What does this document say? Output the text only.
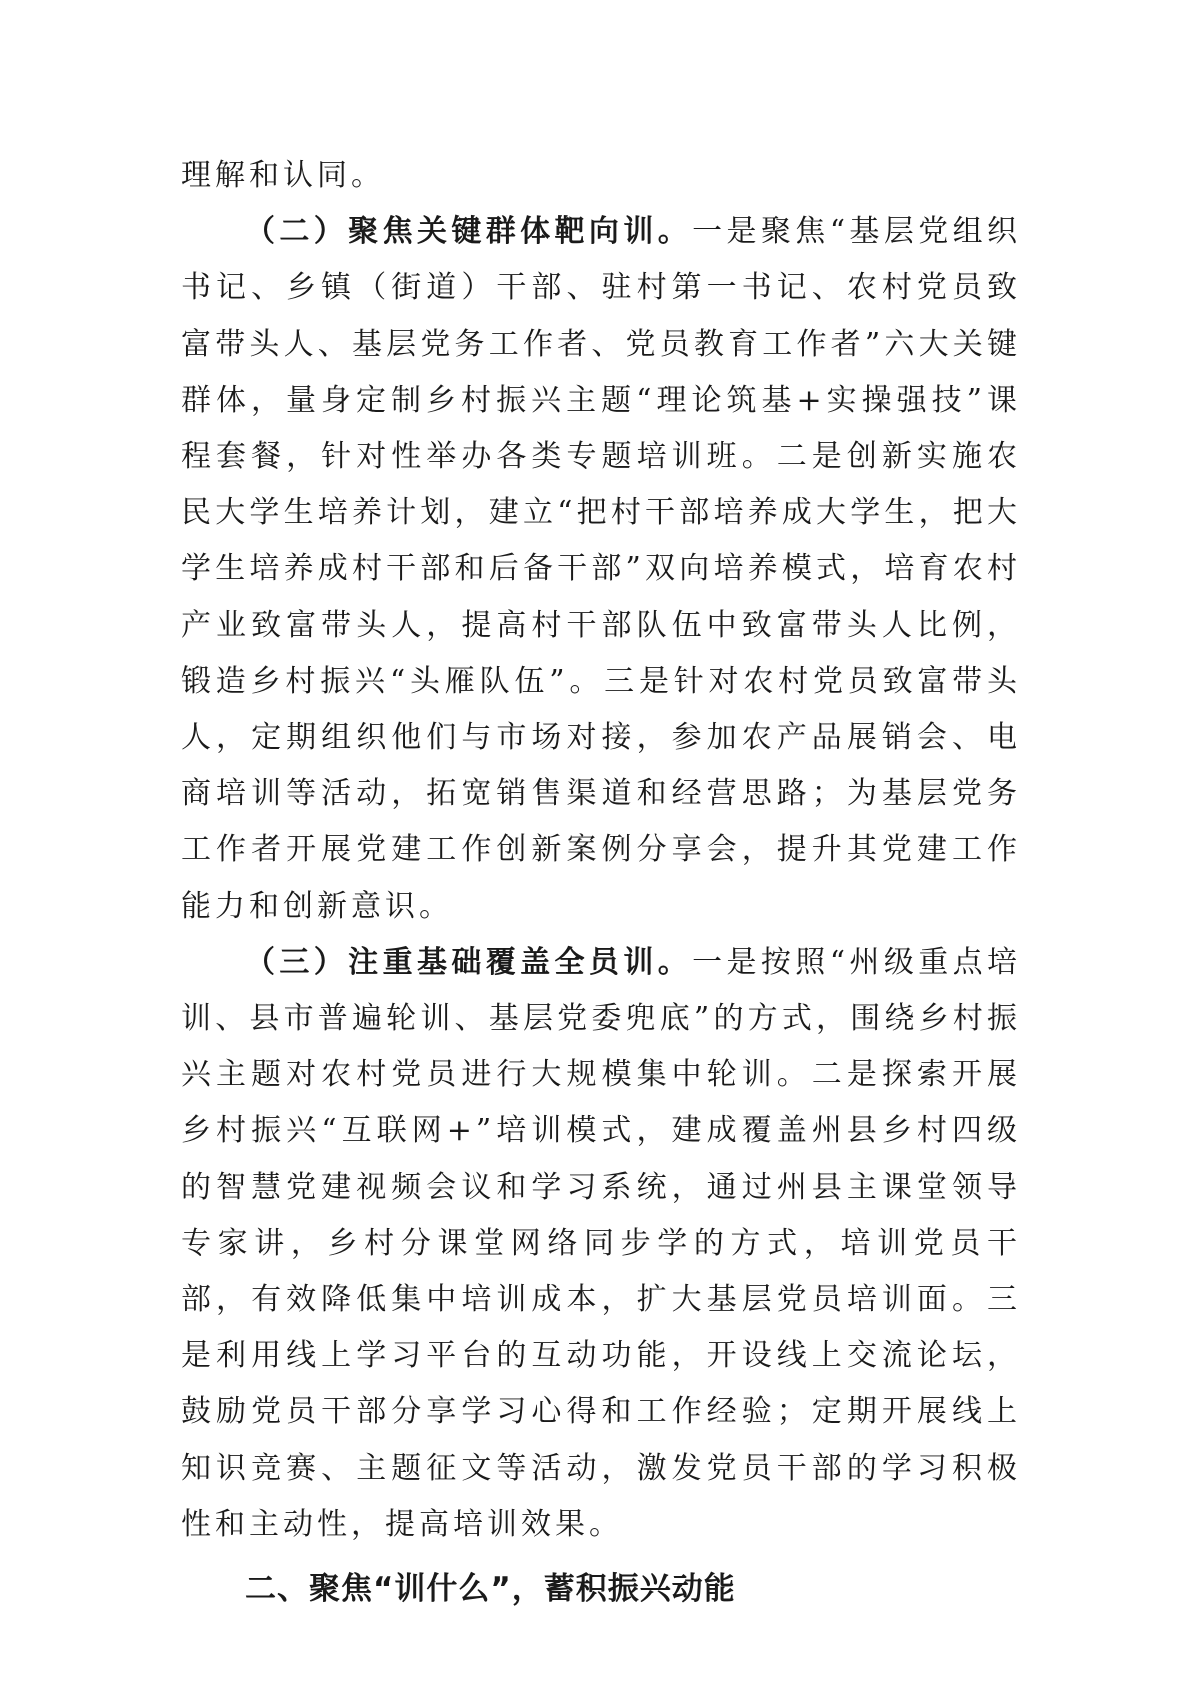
理解和认同。

（二）聚焦关键群体靶向训。一是聚焦“基层党组织书记、乡镇（街道）干部、驻村第一书记、农村党员致富带头人、基层党务工作者、党员教育工作者”六大关键群体，量身定制乡村振兴主题“理论筑基+实操强技”课程套餐，针对性举办各类专题培训班。二是创新实施农民大学生培养计划，建立“把村干部培养成大学生，把大学生培养成村干部和后备干部”双向培养模式，培育农村产业致富带头人，提高村干部队伍中致富带头人比例，锻造乡村振兴“头雁队伍”。三是针对农村党员致富带头人，定期组织他们与市场对接，参加农产品展销会、电商培训等活动，拓宽销售渠道和经营思路；为基层党务工作者开展党建工作创新案例分享会，提升其党建工作能力和创新意识。

（三）注重基础覆盖全员训。一是按照“州级重点培训、县市普遍轮训、基层党委兜底”的方式，围绕乡村振兴主题对农村党员进行大规模集中轮训。二是探索开展乡村振兴“互联网+”培训模式，建成覆盖州县乡村四级的智慧党建视频会议和学习系统，通过州县主课堂领导专家讲，乡村分课堂网络同步学的方式，培训党员干部，有效降低集中培训成本，扩大基层党员培训面。三是利用线上学习平台的互动功能，开设线上交流论坛，鼓励党员干部分享学习心得和工作经验；定期开展线上知识竞赛、主题征文等活动，激发党员干部的学习积极性和主动性，提高培训效果。

二、聚焦“训什么”，蓄积振兴动能
